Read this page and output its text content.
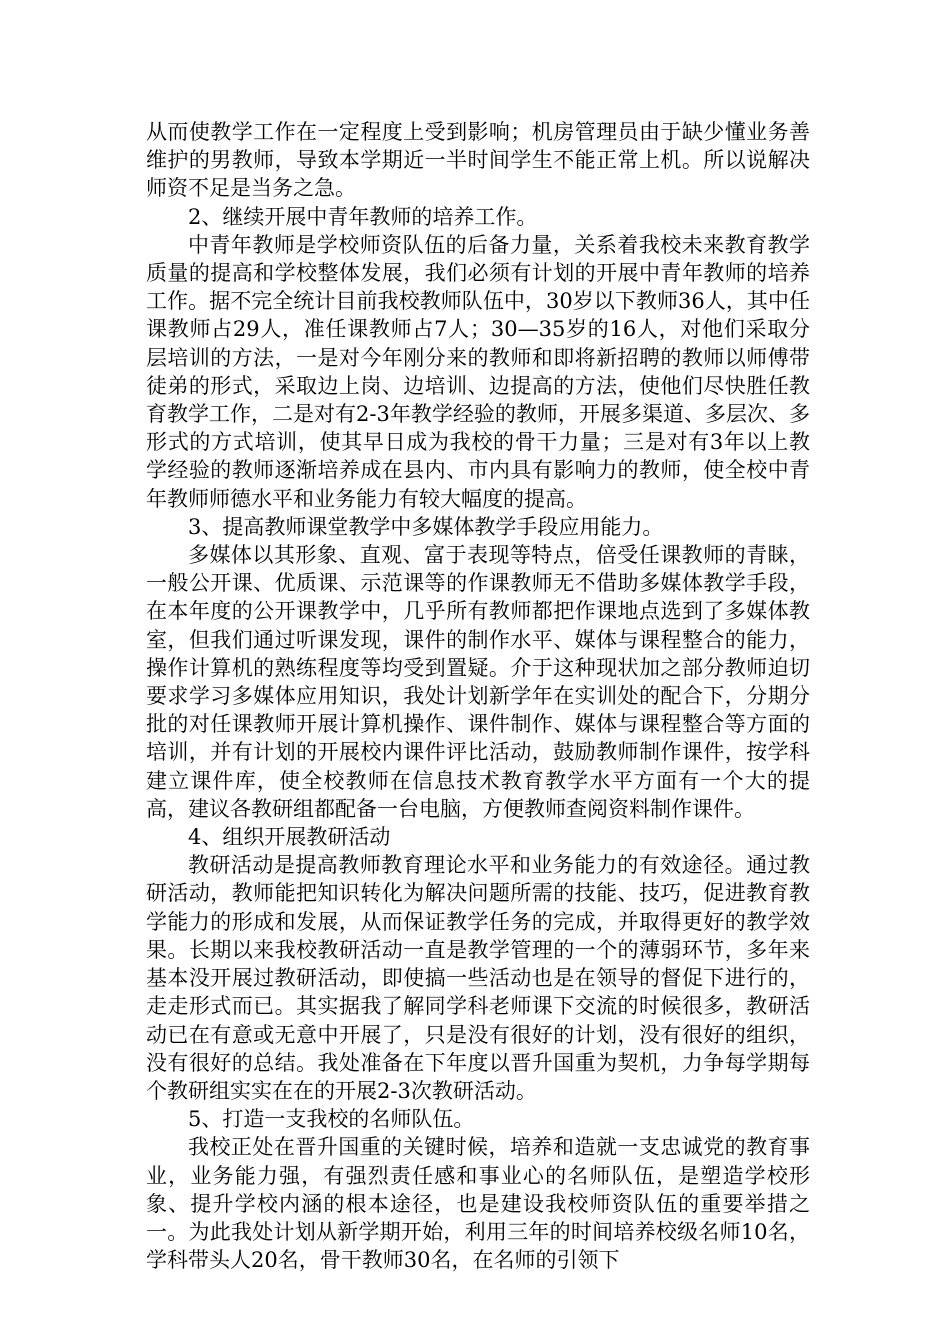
从而使教学工作在一定程度上受到影响；机房管理员由于缺少懂业务善维护的男教师，导致本学期近一半时间学生不能正常上机。所以说解决师资不足是当务之急。

2、继续开展中青年教师的培养工作。

中青年教师是学校师资队伍的后备力量，关系着我校未来教育教学质量的提高和学校整体发展，我们必须有计划的开展中青年教师的培养工作。据不完全统计目前我校教师队伍中，30岁以下教师36人，其中任课教师占29人，准任课教师占7人；30—35岁的16人，对他们采取分层培训的方法，一是对今年刚分来的教师和即将新招聘的教师以师傅带徒弟的形式，采取边上岗、边培训、边提高的方法，使他们尽快胜任教育教学工作，二是对有2-3年教学经验的教师，开展多渠道、多层次、多形式的方式培训，使其早日成为我校的骨干力量；三是对有3年以上教学经验的教师逐渐培养成在县内、市内具有影响力的教师，使全校中青年教师师德水平和业务能力有较大幅度的提高。

3、提高教师课堂教学中多媒体教学手段应用能力。

多媒体以其形象、直观、富于表现等特点，倍受任课教师的青睐，一般公开课、优质课、示范课等的作课教师无不借助多媒体教学手段，在本年度的公开课教学中，几乎所有教师都把作课地点选到了多媒体教室，但我们通过听课发现，课件的制作水平、媒体与课程整合的能力，操作计算机的熟练程度等均受到置疑。介于这种现状加之部分教师迫切要求学习多媒体应用知识，我处计划新学年在实训处的配合下，分期分批的对任课教师开展计算机操作、课件制作、媒体与课程整合等方面的培训，并有计划的开展校内课件评比活动，鼓励教师制作课件，按学科建立课件库，使全校教师在信息技术教育教学水平方面有一个大的提高，建议各教研组都配备一台电脑，方便教师查阅资料制作课件。

4、组织开展教研活动

教研活动是提高教师教育理论水平和业务能力的有效途径。通过教研活动，教师能把知识转化为解决问题所需的技能、技巧，促进教育教学能力的形成和发展，从而保证教学任务的完成，并取得更好的教学效果。长期以来我校教研活动一直是教学管理的一个的薄弱环节，多年来基本没开展过教研活动，即使搞一些活动也是在领导的督促下进行的，走走形式而已。其实据我了解同学科老师课下交流的时候很多，教研活动已在有意或无意中开展了，只是没有很好的计划，没有很好的组织，没有很好的总结。我处准备在下年度以晋升国重为契机，力争每学期每个教研组实实在在的开展2-3次教研活动。

5、打造一支我校的名师队伍。

我校正处在晋升国重的关键时候，培养和造就一支忠诚党的教育事业，业务能力强，有强烈责任感和事业心的名师队伍，是塑造学校形象、提升学校内涵的根本途径，也是建设我校师资队伍的重要举措之一。为此我处计划从新学期开始，利用三年的时间培养校级名师10名，学科带头人20名，骨干教师30名，在名师的引领下
